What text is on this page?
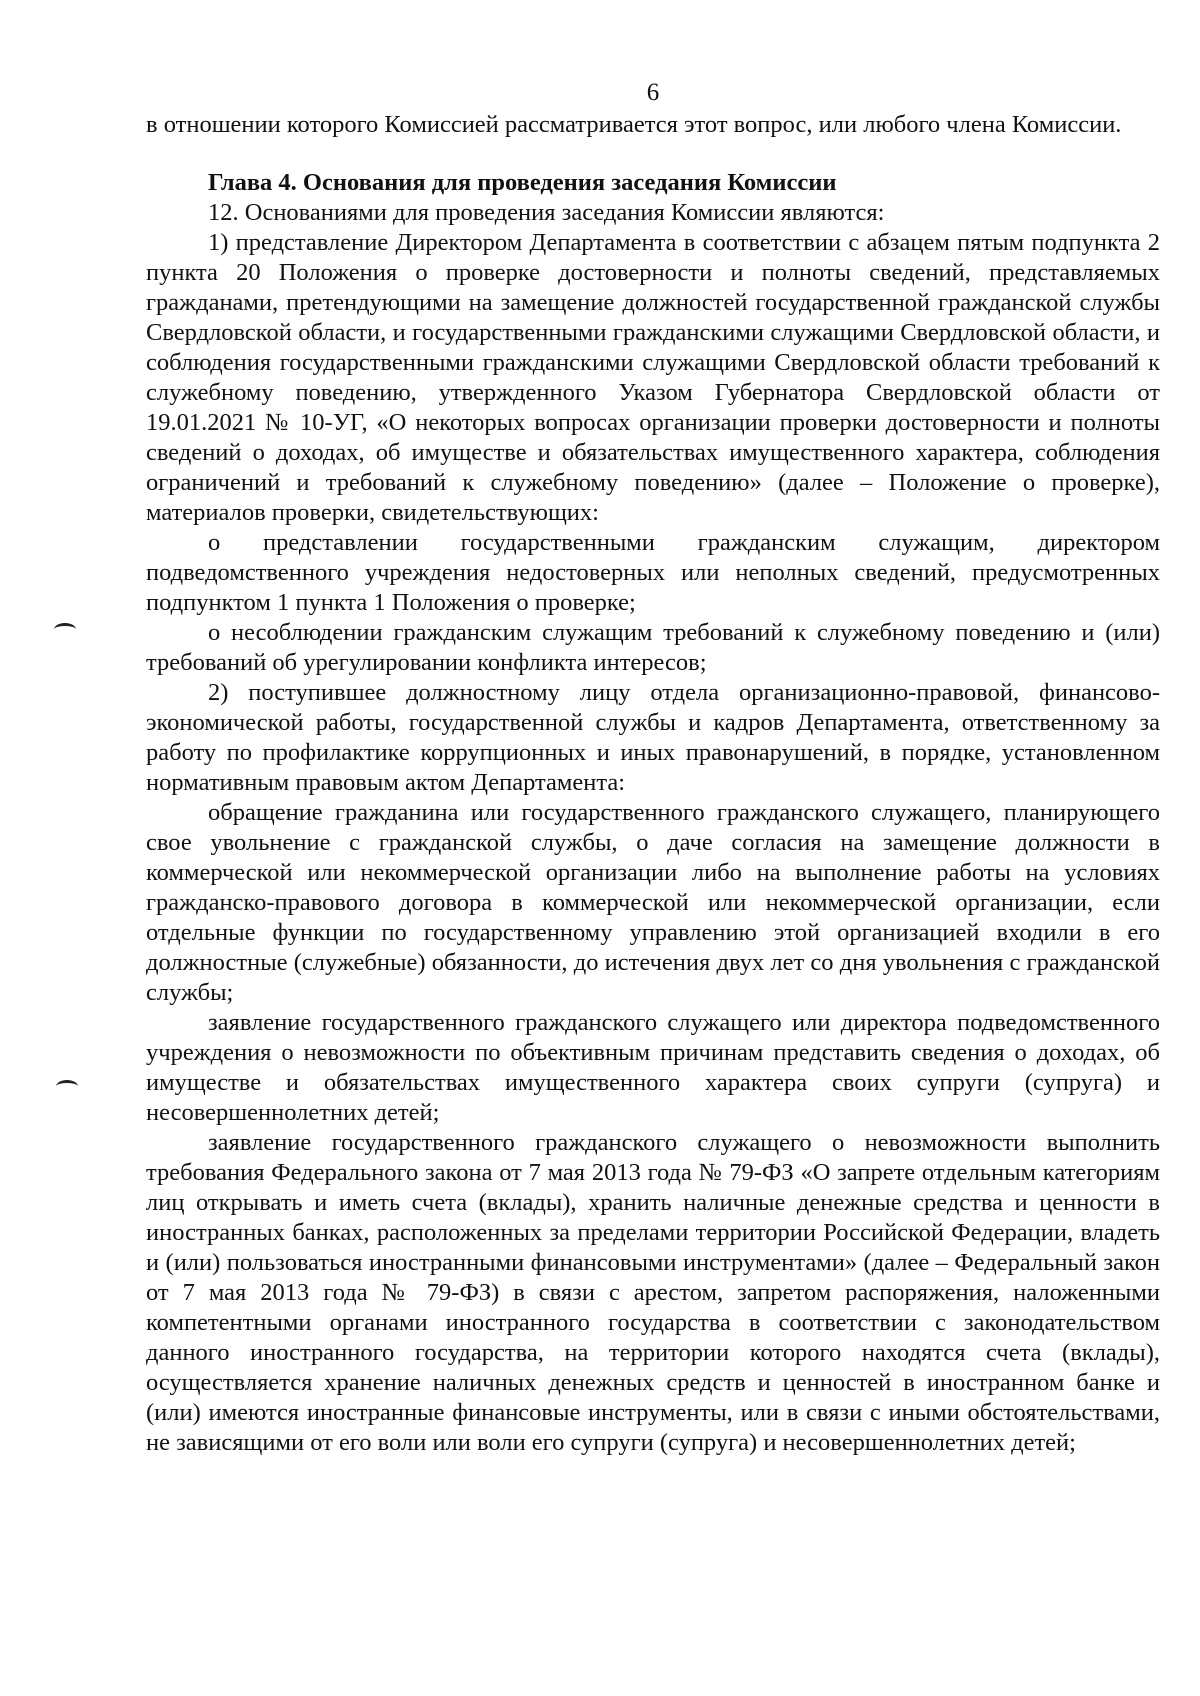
6

в отношении которого Комиссией рассматривается этот вопрос, или любого члена Комиссии.

Глава 4. Основания для проведения заседания Комиссии

12. Основаниями для проведения заседания Комиссии являются:

1) представление Директором Департамента в соответствии с абзацем пятым подпункта 2 пункта 20 Положения о проверке достоверности и полноты сведений, представляемых гражданами, претендующими на замещение должностей государственной гражданской службы Свердловской области, и государственными гражданскими служащими Свердловской области, и соблюдения государственными гражданскими служащими Свердловской области требований к служебному поведению, утвержденного Указом Губернатора Свердловской области от 19.01.2021 № 10-УГ, «О некоторых вопросах организации проверки достоверности и полноты сведений о доходах, об имуществе и обязательствах имущественного характера, соблюдения ограничений и требований к служебному поведению» (далее – Положение о проверке), материалов проверки, свидетельствующих:

о представлении государственными гражданским служащим, директором подведомственного учреждения недостоверных или неполных сведений, предусмотренных подпунктом 1 пункта 1 Положения о проверке;

о несоблюдении гражданским служащим требований к служебному поведению и (или) требований об урегулировании конфликта интересов;

2) поступившее должностному лицу отдела организационно-правовой, финансово-экономической работы, государственной службы и кадров Департамента, ответственному за работу по профилактике коррупционных и иных правонарушений, в порядке, установленном нормативным правовым актом Департамента:

обращение гражданина или государственного гражданского служащего, планирующего свое увольнение с гражданской службы, о даче согласия на замещение должности в коммерческой или некоммерческой организации либо на выполнение работы на условиях гражданско-правового договора в коммерческой или некоммерческой организации, если отдельные функции по государственному управлению этой организацией входили в его должностные (служебные) обязанности, до истечения двух лет со дня увольнения с гражданской службы;

заявление государственного гражданского служащего или директора подведомственного учреждения о невозможности по объективным причинам представить сведения о доходах, об имуществе и обязательствах имущественного характера своих супруги (супруга) и несовершеннолетних детей;

заявление государственного гражданского служащего о невозможности выполнить требования Федерального закона от 7 мая 2013 года № 79-ФЗ «О запрете отдельным категориям лиц открывать и иметь счета (вклады), хранить наличные денежные средства и ценности в иностранных банках, расположенных за пределами территории Российской Федерации, владеть и (или) пользоваться иностранными финансовыми инструментами» (далее – Федеральный закон от 7 мая 2013 года № 79-ФЗ) в связи с арестом, запретом распоряжения, наложенными компетентными органами иностранного государства в соответствии с законодательством данного иностранного государства, на территории которого находятся счета (вклады), осуществляется хранение наличных денежных средств и ценностей в иностранном банке и (или) имеются иностранные финансовые инструменты, или в связи с иными обстоятельствами, не зависящими от его воли или воли его супруги (супруга) и несовершеннолетних детей;
